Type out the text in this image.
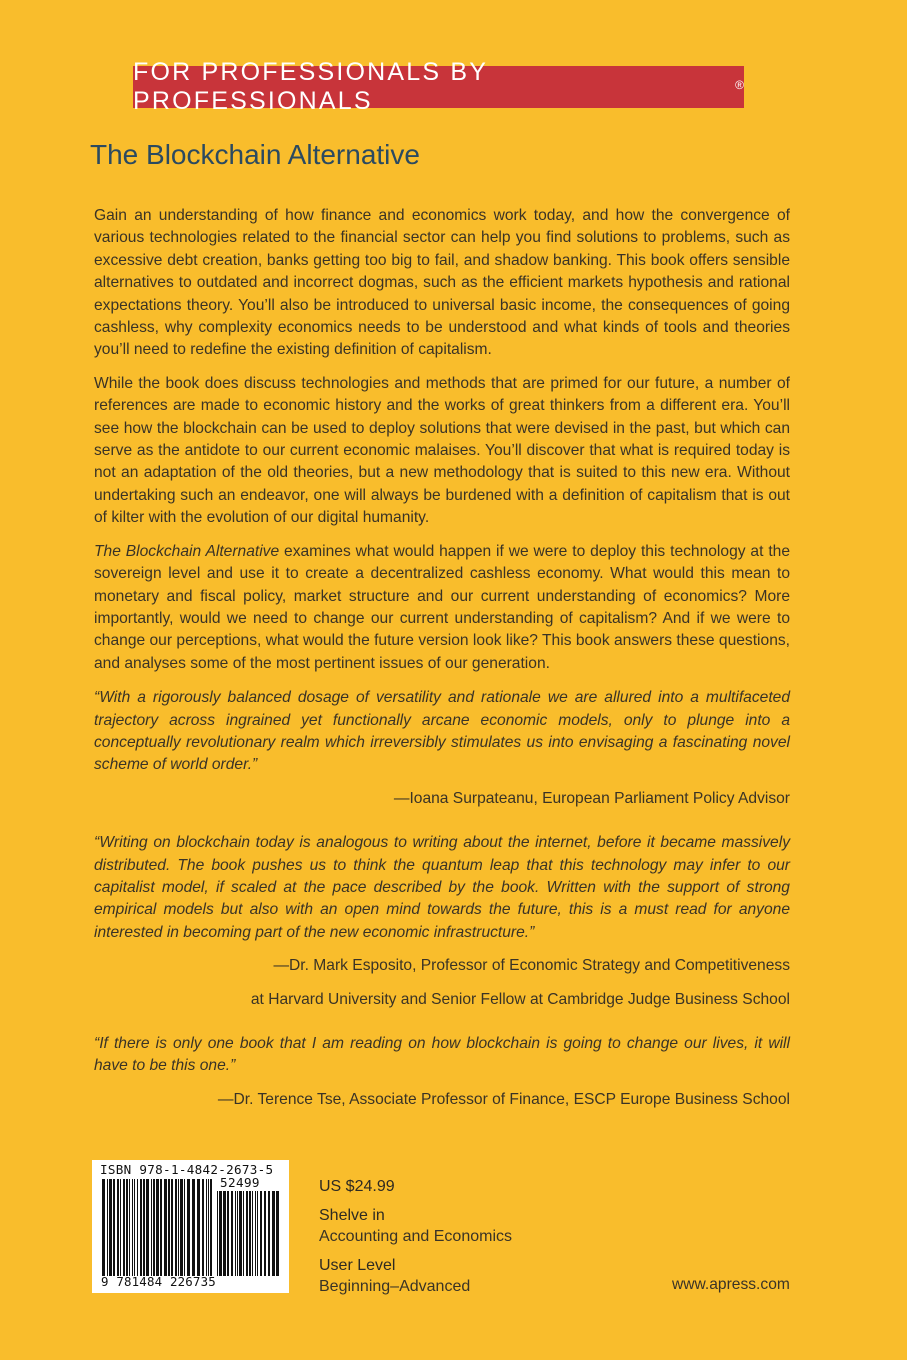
FOR PROFESSIONALS BY PROFESSIONALS
®
The Blockchain Alternative

Gain an understanding of how finance and economics work today, and how the convergence of various technologies related to the financial sector can help you find solutions to problems, such as excessive debt creation, banks getting too big to fail, and shadow banking. This book offers sensible alternatives to outdated and incorrect dogmas, such as the efficient markets hypothesis and rational expectations theory. You’ll also be introduced to universal basic income, the consequences of going cashless, why complexity economics needs to be understood and what kinds of tools and theories you’ll need to redefine the existing definition of capitalism.

While the book does discuss technologies and methods that are primed for our future, a number of references are made to economic history and the works of great thinkers from a different era. You’ll see how the blockchain can be used to deploy solutions that were devised in the past, but which can serve as the antidote to our current economic malaises. You’ll discover that what is required today is not an adaptation of the old theories, but a new methodology that is suited to this new era. Without undertaking such an endeavor, one will always be burdened with a definition of capitalism that is out of kilter with the evolution of our digital humanity.

The Blockchain Alternative examines what would happen if we were to deploy this technology at the sovereign level and use it to create a decentralized cashless economy. What would this mean to monetary and fiscal policy, market structure and our current understanding of economics? More importantly, would we need to change our current understanding of capitalism? And if we were to change our perceptions, what would the future version look like? This book answers these questions, and analyses some of the most pertinent issues of our generation.

“With a rigorously balanced dosage of versatility and rationale we are allured into a multifaceted trajectory across ingrained yet functionally arcane economic models, only to plunge into a conceptually revolutionary realm which irreversibly stimulates us into envisaging a fascinating novel scheme of world order.”

—Ioana Surpateanu, European Parliament Policy Advisor

“Writing on blockchain today is analogous to writing about the internet, before it became massively distributed. The book pushes us to think the quantum leap that this technology may infer to our capitalist model, if scaled at the pace described by the book. Written with the support of strong empirical models but also with an open mind towards the future, this is a must read for anyone interested in becoming part of the new economic infrastructure.”

—Dr. Mark Esposito, Professor of Economic Strategy and Competitiveness

at Harvard University and Senior Fellow at Cambridge Judge Business School

“If there is only one book that I am reading on how blockchain is going to change our lives, it will have to be this one.”

—Dr. Terence Tse, Associate Professor of Finance, ESCP Europe Business School

ISBN 978-1-4842-2673-5
52499
9 781484 226735
US $24.99
Shelve in
Accounting and Economics
User Level
Beginning–Advanced	www.apress.com
